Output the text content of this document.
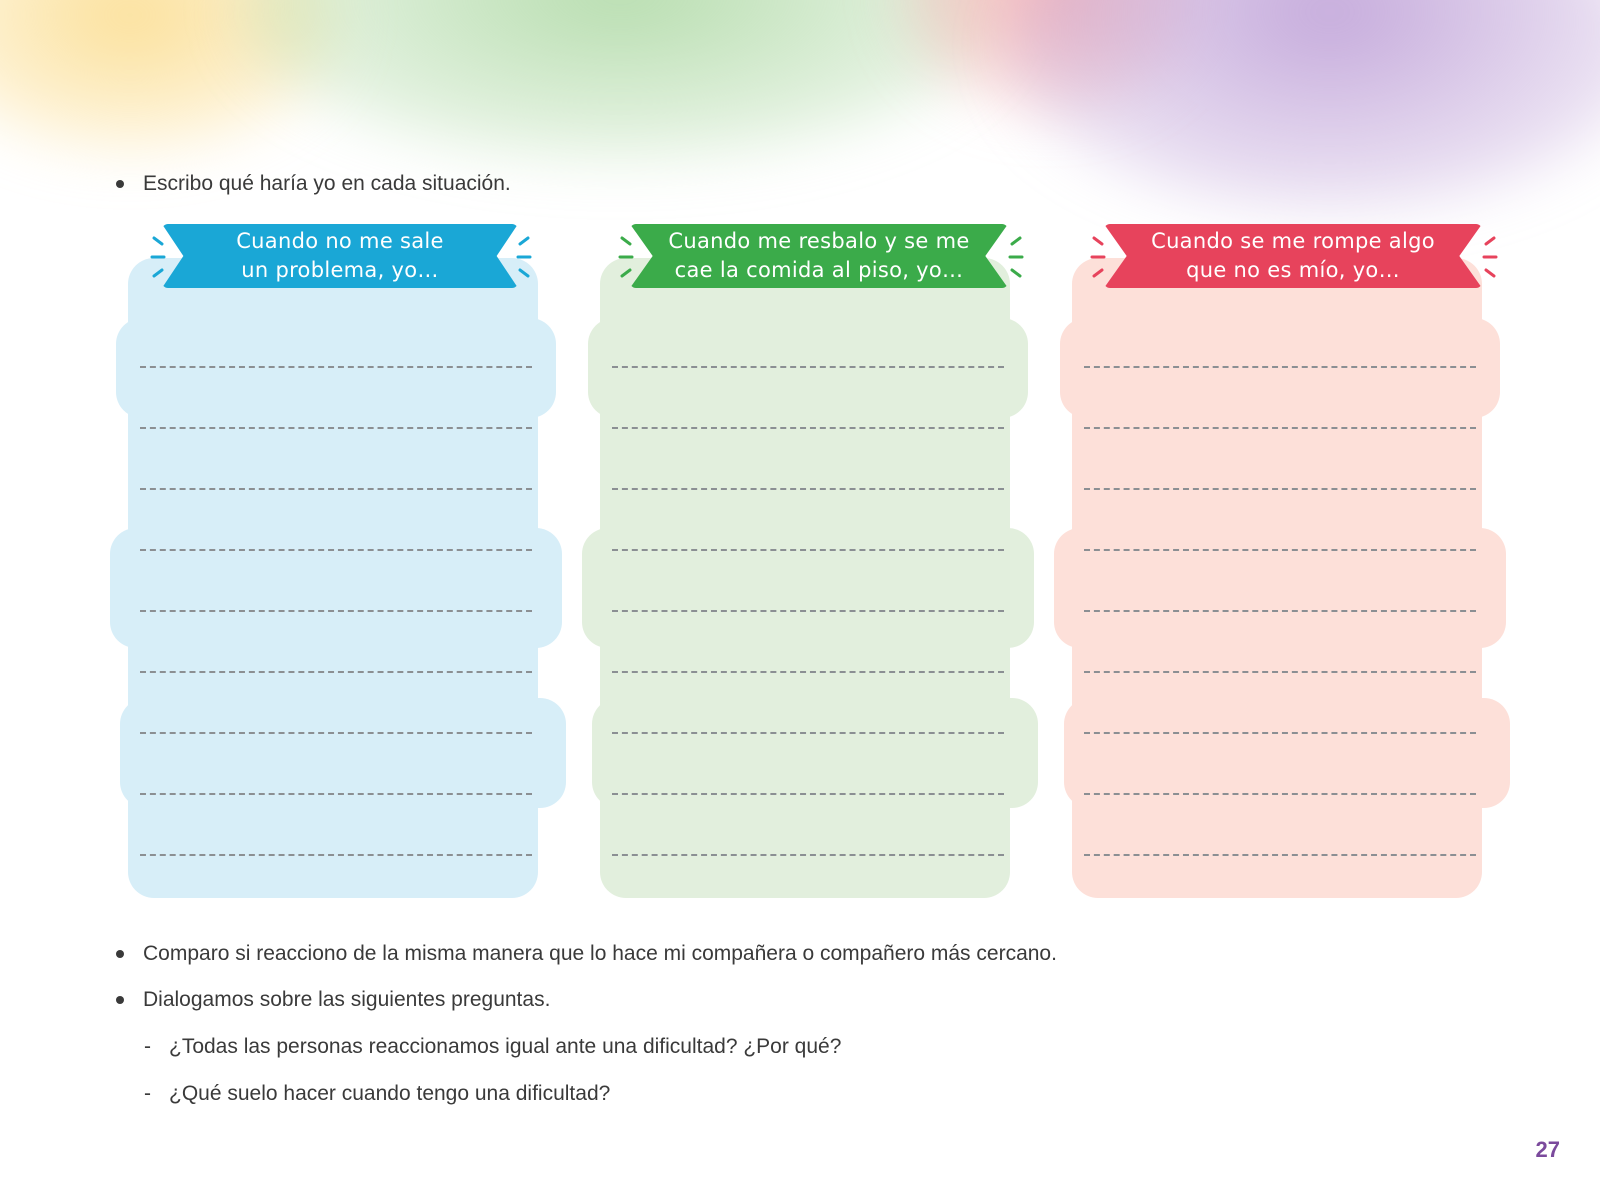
Escribo qué haría yo en cada situación.
Cuando no me sale
un problema, yo…
Cuando me resbalo y se me
cae la comida al piso, yo…
Cuando se me rompe algo
que no es mío, yo…
Comparo si reacciono de la misma manera que lo hace mi compañera o compañero más cercano.
Dialogamos sobre las siguientes preguntas.
- ¿Todas las personas reaccionamos igual ante una dificultad? ¿Por qué?
- ¿Qué suelo hacer cuando tengo una dificultad?
27
